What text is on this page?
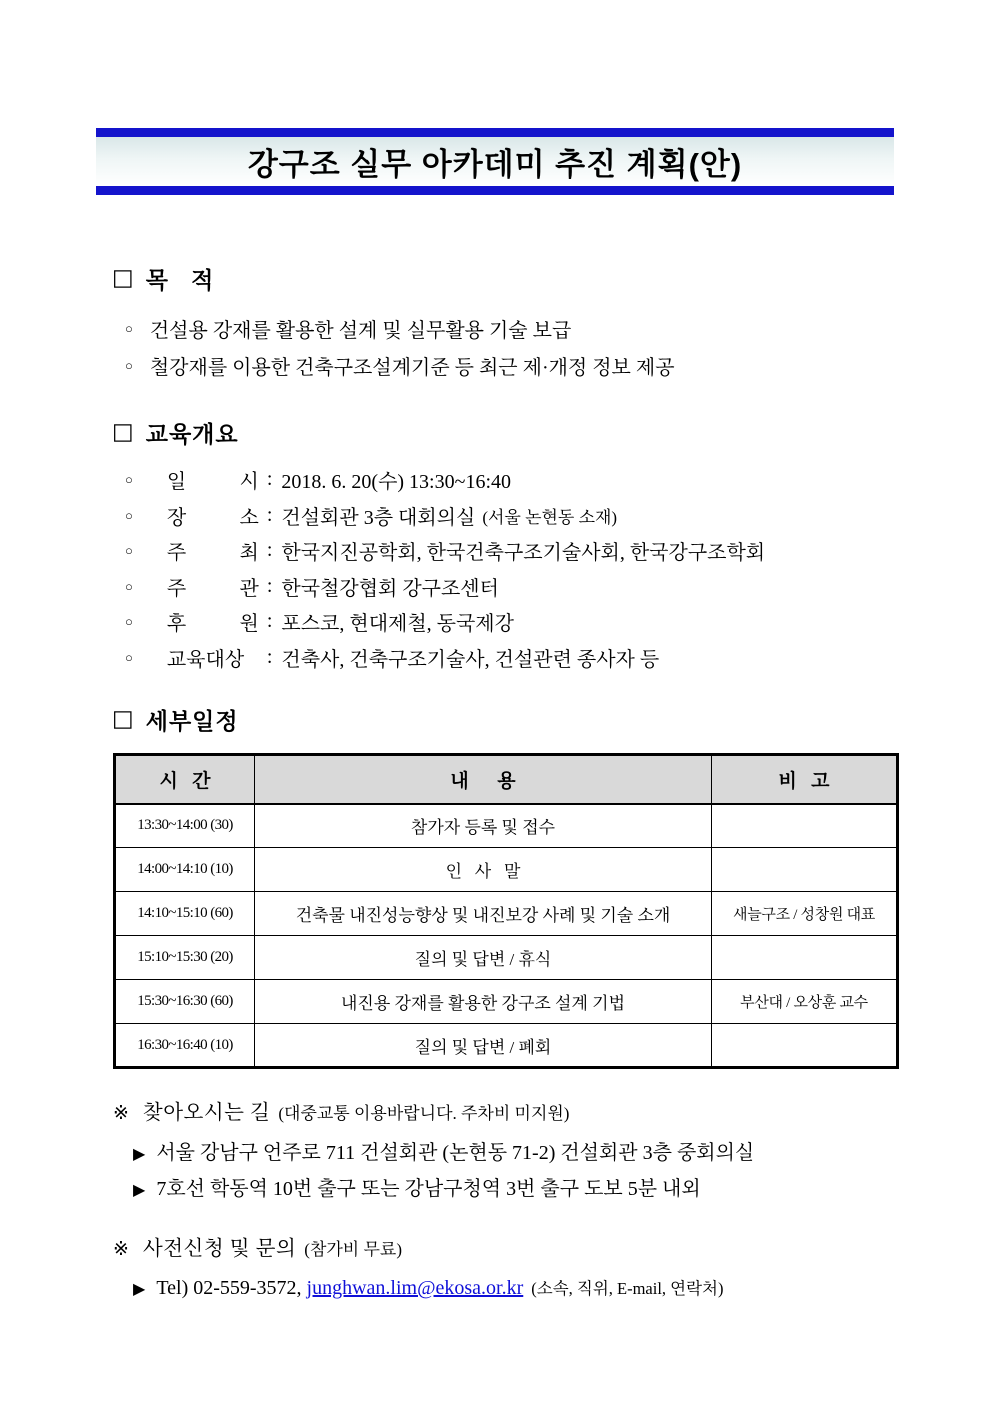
강구조 실무 아카데미 추진 계획(안)
□ 목   적
○ 건설용 강재를 활용한 설계 및 실무활용 기술 보급
○ 철강재를 이용한 건축구조설계기준 등 최근 제·개정 정보 제공
□ 교육개요
○ 일 시 : 2018. 6. 20(수) 13:30~16:40
○ 장 소 : 건설회관 3층 대회의실 (서울 논현동 소재)
○ 주 최 : 한국지진공학회, 한국건축구조기술사회, 한국강구조학회
○ 주 관 : 한국철강협회 강구조센터
○ 후 원 : 포스코, 현대제철, 동국제강
○ 교육대상	: 건축사, 건축구조기술사, 건설관련 종사자 등
□ 세부일정
시   간	내      용	비   고
13:30~14:00 (30)	참가자 등록 및 접수	
14:00~14:10 (10)	인   사   말	
14:10~15:10 (60)	건축물 내진성능향상 및 내진보강 사례 및 기술 소개	새늘구조 / 성창원 대표
15:10~15:30 (20)	질의 및 답변 / 휴식	
15:30~16:30 (60)	내진용 강재를 활용한 강구조 설계 기법	부산대 / 오상훈 교수
16:30~16:40 (10)	질의 및 답변 / 폐회	
※ 찾아오시는 길 (대중교통 이용바랍니다. 주차비 미지원)
▶ 서울 강남구 언주로 711 건설회관 (논현동 71-2) 건설회관 3층 중회의실
▶ 7호선 학동역 10번 출구 또는 강남구청역 3번 출구 도보 5분 내외
※ 사전신청 및 문의 (참가비 무료)
▶ Tel) 02-559-3572,
junghwan.lim@ekosa.or.kr (소속, 직위, E-mail, 연락처)
